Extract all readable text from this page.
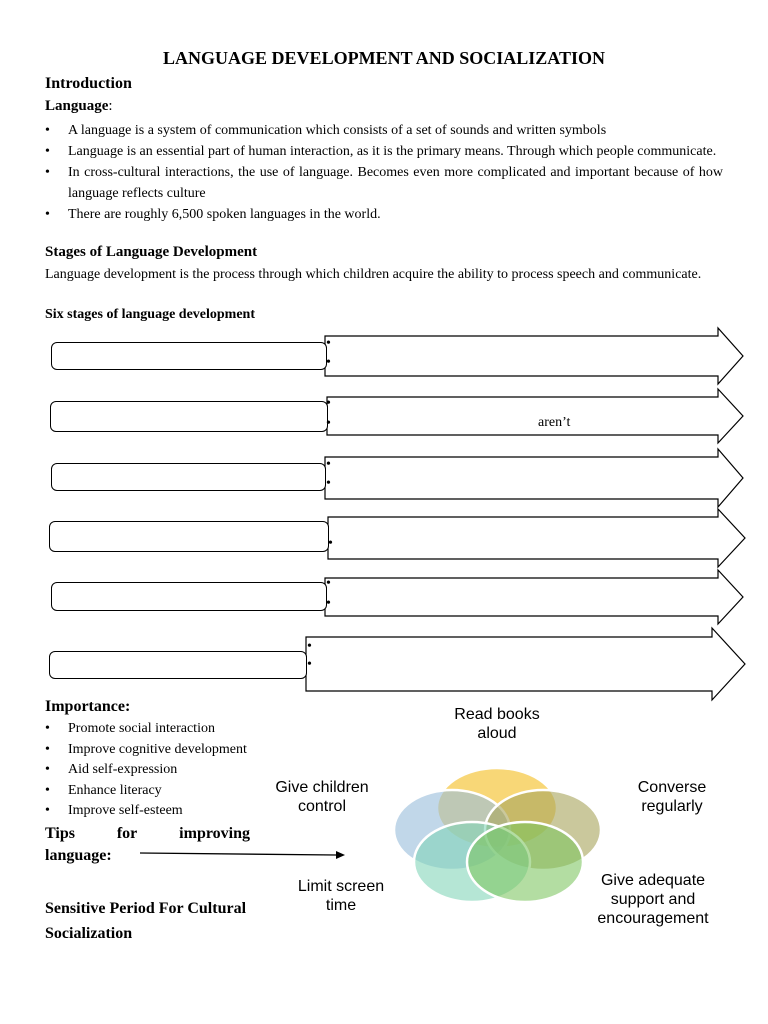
LANGUAGE DEVELOPMENT AND SOCIALIZATION
Introduction
Language:
• A language is a system of communication which consists of a set of sounds and written symbols
• Language is an essential part of human interaction, as it is the primary means. Through which people communicate.
• In cross-cultural interactions, the use of language. Becomes even more complicated and important because of how language reflects culture
• There are roughly 6,500 spoken languages in the world.
Stages of Language Development
Language development is the process through which children acquire the ability to process speech and communicate.
Six stages of language development
•
•
•
•
•
•
•
•
•
•
•
aren’t
Importance:
• Promote social interaction
• Improve cognitive development
• Aid self-expression
• Enhance literacy
• Improve self-esteem
Tips	for	improving
language:
Sensitive Period For Cultural
Socialization
Read books
aloud
Give children
control
Converse
regularly
Limit screen
time
Give adequate
support and
encouragement
